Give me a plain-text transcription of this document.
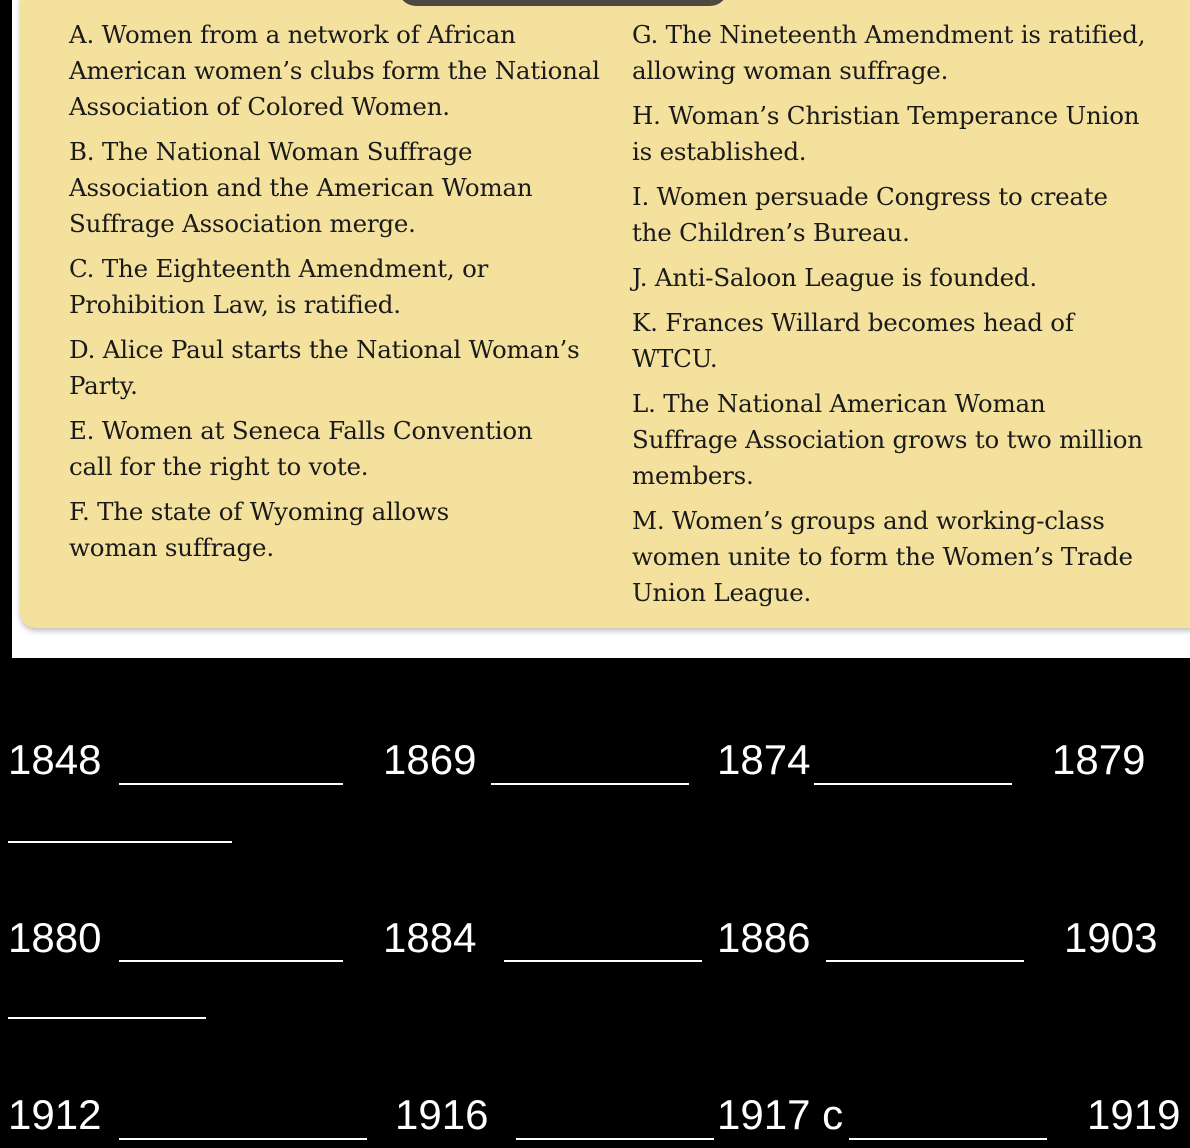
A. Women from a network of African
American women’s clubs form the National
Association of Colored Women.

B. The National Woman Suffrage
Association and the American Woman
Suffrage Association merge.

C. The Eighteenth Amendment, or
Prohibition Law, is ratified.

D. Alice Paul starts the National Woman’s
Party.

E. Women at Seneca Falls Convention
call for the right to vote.

F. The state of Wyoming allows
woman suffrage.

G. The Nineteenth Amendment is ratified,
allowing woman suffrage.

H. Woman’s Christian Temperance Union
is established.

I. Women persuade Congress to create
the Children’s Bureau.

J. Anti-Saloon League is founded.

K. Frances Willard becomes head of
WTCU.

L. The National American Woman
Suffrage Association grows to two million
members.

M. Women’s groups and working-class
women unite to form the Women’s Trade
Union League.

1848	1869	1874	1879
1880	1884	1886	1903
1912	1916	1917 c	1919
